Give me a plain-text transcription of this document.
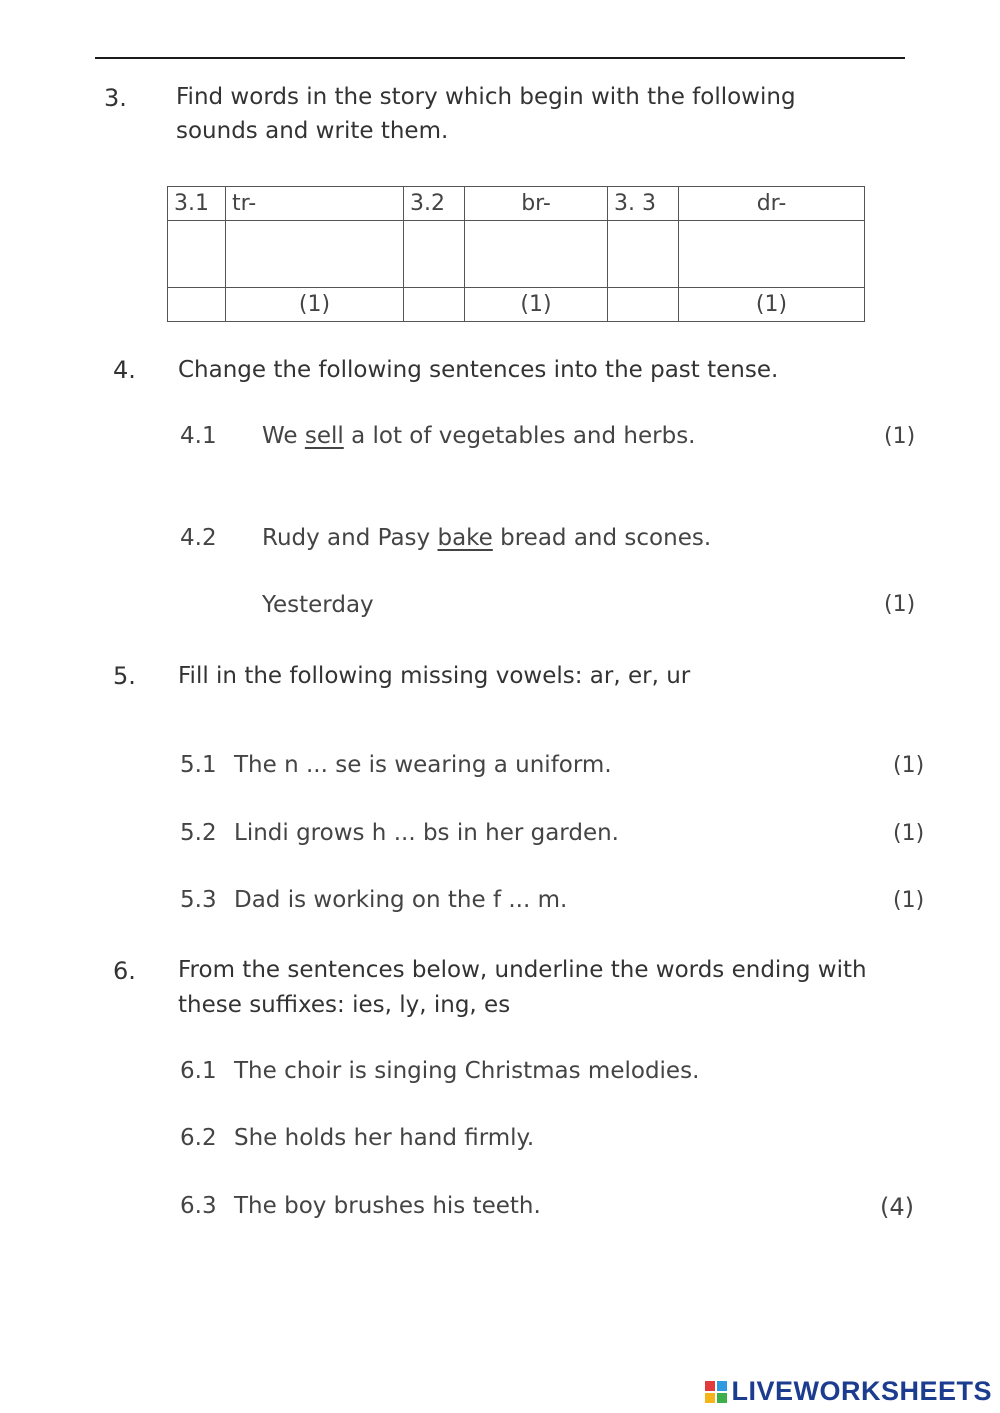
3. Find words in the story which begin with the following
sounds and write them.
3.1	tr-	3.2	br-	3. 3	dr-

	(1)		(1)		(1)
4. Change the following sentences into the past tense.
4.1 We sell a lot of vegetables and herbs.	(1)
4.2 Rudy and Pasy bake bread and scones.
Yesterday	(1)
5. Fill in the following missing vowels: ar, er, ur
5.1 The n ... se is wearing a uniform.	(1)
5.2 Lindi grows h ... bs in her garden.	(1)
5.3 Dad is working on the f ... m.	(1)
6. From the sentences below, underline the words ending with
these suffixes: ies, ly, ing, es
6.1 The choir is singing Christmas melodies.
6.2 She holds her hand firmly.
6.3 The boy brushes his teeth.	(4)
LIVEWORKSHEETS
